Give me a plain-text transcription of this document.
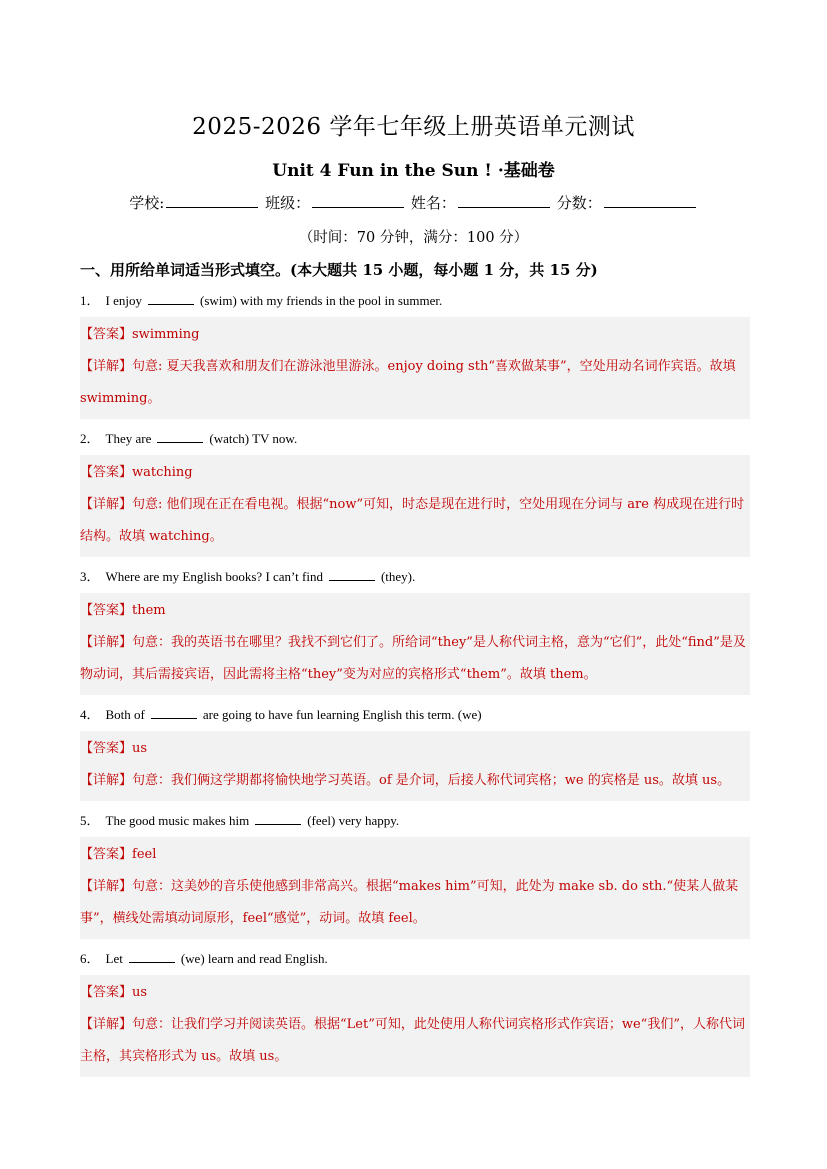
2025-2026 学年七年级上册英语单元测试
Unit 4 Fun in the Sun ! ·基础卷
学校:	班级：	姓名：	分数：
（时间：70 分钟，满分：100 分）
一、用所给单词适当形式填空。(本大题共 15 小题，每小题 1 分，共 15 分)
1． I enjoy	(swim) with my friends in the pool in summer.
【答案】swimming
【详解】句意: 夏天我喜欢和朋友们在游泳池里游泳。enjoy doing sth“喜欢做某事”，空处用动名词作宾语。故填 swimming。
2． They are	(watch) TV now.
【答案】watching
【详解】句意: 他们现在正在看电视。根据“now”可知，时态是现在进行时，空处用现在分词与 are 构成现在进行时结构。故填 watching。
3． Where are my English books? I can’t find	(they).
【答案】them
【详解】句意：我的英语书在哪里？我找不到它们了。所给词“they”是人称代词主格，意为“它们”，此处“find”是及物动词，其后需接宾语，因此需将主格“they”变为对应的宾格形式“them”。故填 them。
4． Both of	are going to have fun learning English this term. (we)
【答案】us
【详解】句意：我们俩这学期都将愉快地学习英语。of 是介词，后接人称代词宾格；we 的宾格是 us。故填 us。
5． The good music makes him	(feel) very happy.
【答案】feel
【详解】句意：这美妙的音乐使他感到非常高兴。根据“makes him”可知，此处为 make sb. do sth.“使某人做某事”，横线处需填动词原形，feel“感觉”，动词。故填 feel。
6． Let	(we) learn and read English.
【答案】us
【详解】句意：让我们学习并阅读英语。根据“Let”可知，此处使用人称代词宾格形式作宾语；we“我们”，人称代词主格，其宾格形式为 us。故填 us。
